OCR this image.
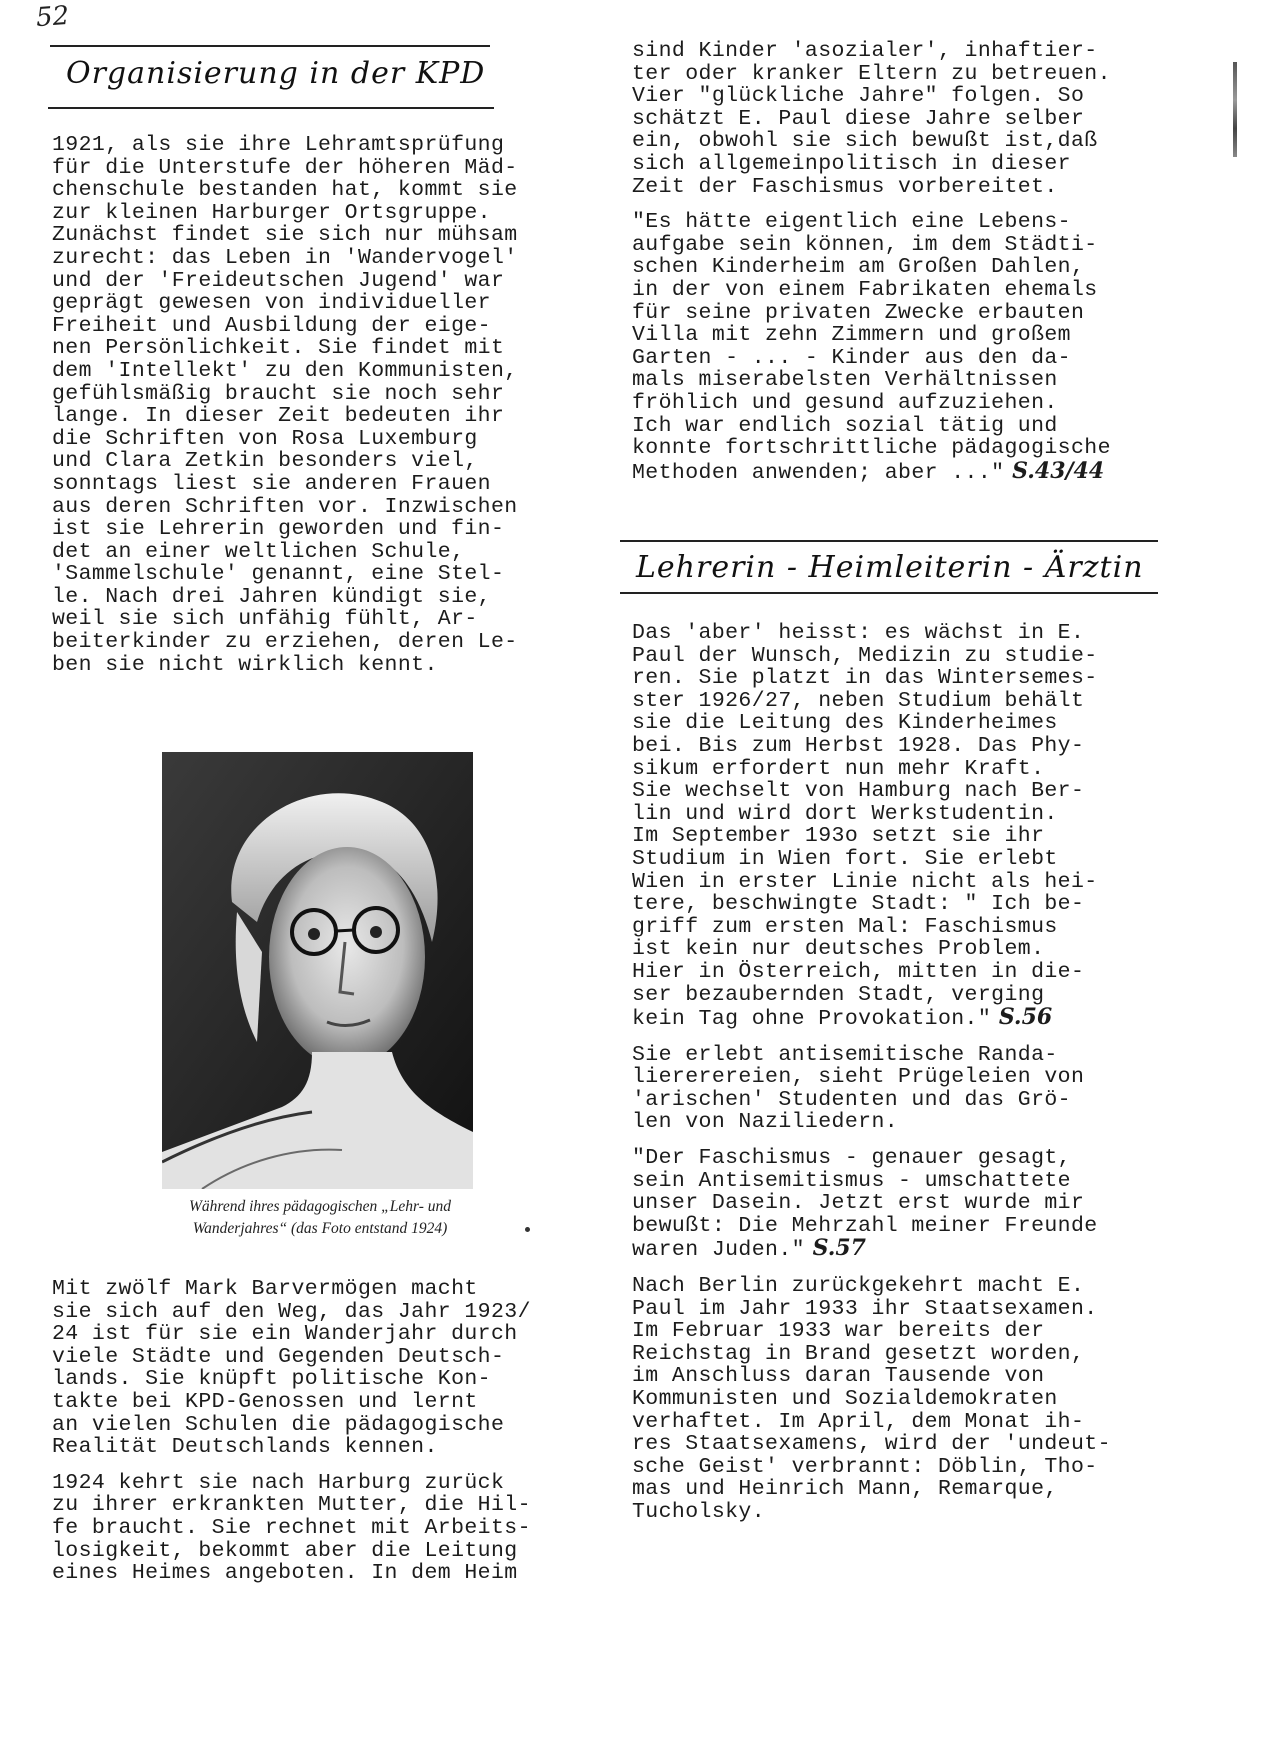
52
Organisierung in der KPD
1921, als sie ihre Lehramtsprüfung
für die Unterstufe der höheren Mäd-
chenschule bestanden hat, kommt sie
zur kleinen Harburger Ortsgruppe.
Zunächst findet sie sich nur mühsam
zurecht: das Leben in 'Wandervogel'
und der 'Freideutschen Jugend' war
geprägt gewesen von individueller
Freiheit und Ausbildung der eige-
nen Persönlichkeit. Sie findet mit
dem 'Intellekt' zu den Kommunisten,
gefühlsmäßig braucht sie noch sehr
lange. In dieser Zeit bedeuten ihr
die Schriften von Rosa Luxemburg
und Clara Zetkin besonders viel,
sonntags liest sie anderen Frauen
aus deren Schriften vor. Inzwischen
ist sie Lehrerin geworden und fin-
det an einer weltlichen Schule,
'Sammelschule' genannt, eine Stel-
le. Nach drei Jahren kündigt sie,
weil sie sich unfähig fühlt, Ar-
beiterkinder zu erziehen, deren Le-
ben sie nicht wirklich kennt.
Während ihres pädagogischen „Lehr- und
Wanderjahres“ (das Foto entstand 1924)
Mit zwölf Mark Barvermögen macht
sie sich auf den Weg, das Jahr 1923/
24 ist für sie ein Wanderjahr durch
viele Städte und Gegenden Deutsch-
lands. Sie knüpft politische Kon-
takte bei KPD-Genossen und lernt
an vielen Schulen die pädagogische
Realität Deutschlands kennen.
1924 kehrt sie nach Harburg zurück
zu ihrer erkrankten Mutter, die Hil-
fe braucht. Sie rechnet mit Arbeits-
losigkeit, bekommt aber die Leitung
eines Heimes angeboten. In dem Heim
sind Kinder 'asozialer', inhaftier-
ter oder kranker Eltern zu betreuen.
Vier "glückliche Jahre" folgen. So
schätzt E. Paul diese Jahre selber
ein, obwohl sie sich bewußt ist,daß
sich allgemeinpolitisch in dieser
Zeit der Faschismus vorbereitet.
"Es hätte eigentlich eine Lebens-
aufgabe sein können, im dem Städti-
schen Kinderheim am Großen Dahlen,
in der von einem Fabrikaten ehemals
für seine privaten Zwecke erbauten
Villa mit zehn Zimmern und großem
Garten - ... - Kinder aus den da-
mals miserabelsten Verhältnissen
fröhlich und gesund aufzuziehen.
Ich war endlich sozial tätig und
konnte fortschrittliche pädagogische
Methoden anwenden; aber ..." S.43/44
Lehrerin - Heimleiterin - Ärztin
Das 'aber' heisst: es wächst in E.
Paul der Wunsch, Medizin zu studie-
ren. Sie platzt in das Wintersemes-
ster 1926/27, neben Studium behält
sie die Leitung des Kinderheimes
bei. Bis zum Herbst 1928. Das Phy-
sikum erfordert nun mehr Kraft.
Sie wechselt von Hamburg nach Ber-
lin und wird dort Werkstudentin.
Im September 193o setzt sie ihr
Studium in Wien fort. Sie erlebt
Wien in erster Linie nicht als hei-
tere, beschwingte Stadt: " Ich be-
griff zum ersten Mal: Faschismus
ist kein nur deutsches Problem.
Hier in Österreich, mitten in die-
ser bezaubernden Stadt, verging
kein Tag ohne Provokation." S.56
Sie erlebt antisemitische Randa-
liererereien, sieht Prügeleien von
'arischen' Studenten und das Grö-
len von Naziliedern.
"Der Faschismus - genauer gesagt,
sein Antisemitismus - umschattete
unser Dasein. Jetzt erst wurde mir
bewußt: Die Mehrzahl meiner Freunde
waren Juden." S.57
Nach Berlin zurückgekehrt macht E.
Paul im Jahr 1933 ihr Staatsexamen.
Im Februar 1933 war bereits der
Reichstag in Brand gesetzt worden,
im Anschluss daran Tausende von
Kommunisten und Sozialdemokraten
verhaftet. Im April, dem Monat ih-
res Staatsexamens, wird der 'undeut-
sche Geist' verbrannt: Döblin, Tho-
mas und Heinrich Mann, Remarque,
Tucholsky.
